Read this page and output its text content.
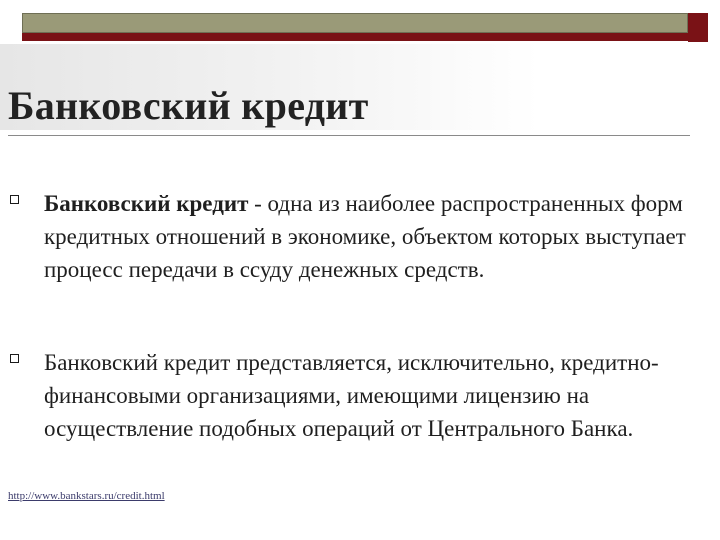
Банковский кредит
Банковский кредит - одна из наиболее распространенных форм кредитных отношений в экономике, объектом которых выступает процесс передачи в ссуду денежных средств.
Банковский кредит представляется, исключительно, кредитно-финансовыми организациями, имеющими лицензию на осуществление подобных операций от Центрального Банка.
http://www.bankstars.ru/credit.html
